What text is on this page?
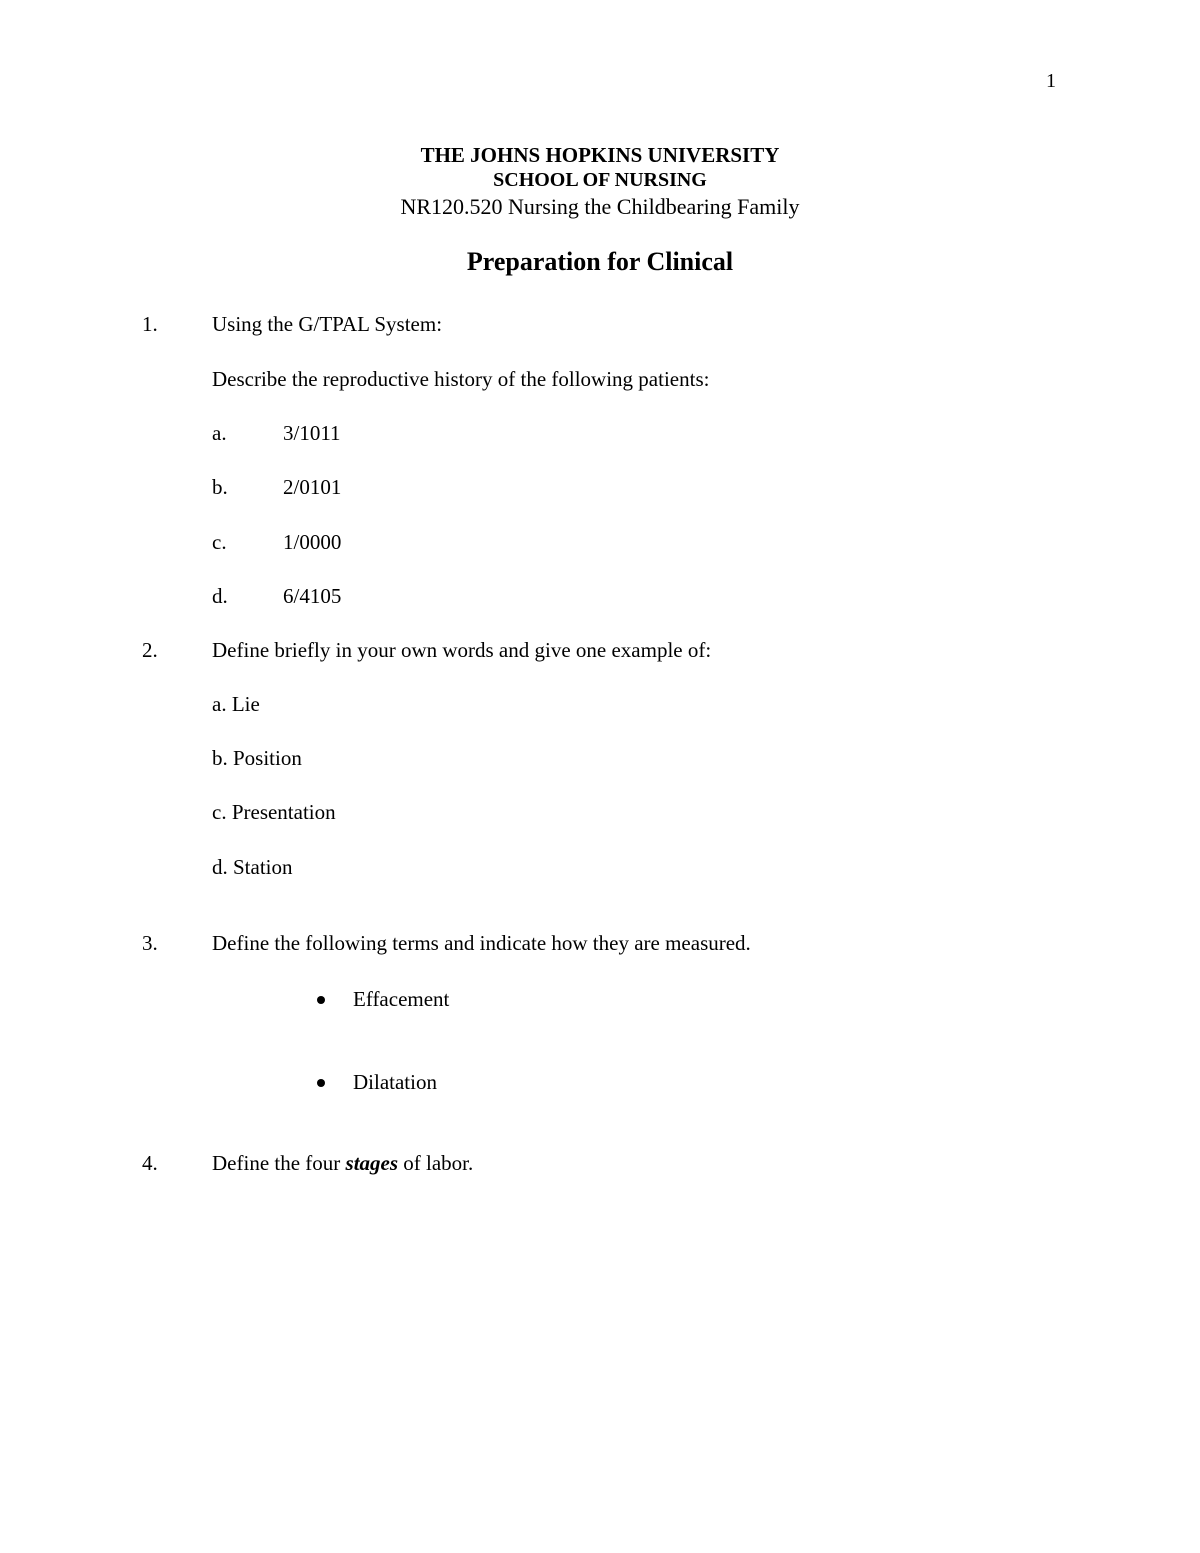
1
THE JOHNS HOPKINS UNIVERSITY
SCHOOL OF NURSING
NR120.520 Nursing the Childbearing Family
Preparation for Clinical
1.	Using the G/TPAL System:
Describe the reproductive history of the following patients:
a.	3/1011
b.	2/0101
c.	1/0000
d.	6/4105
2.	Define briefly in your own words and give one example of:
a. Lie
b. Position
c. Presentation
d. Station
3.	Define the following terms and indicate how they are measured.
Effacement
Dilatation
4.	Define the four stages of labor.
